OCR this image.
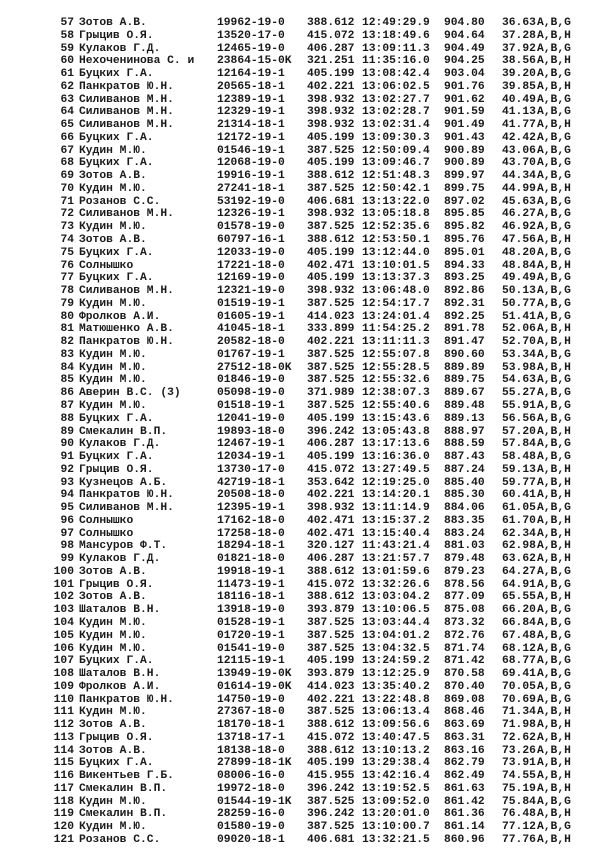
57 Зотов А.В.	19962-19-0 388.612 12:49:29.9 904.80 36.63 A,B,G
58 Грыцив О.Я.	13520-17-0 415.072 13:18:49.6 904.64 37.28 A,B,H
59 Кулаков Г.Д.	12465-19-0 406.287 13:09:11.3 904.49 37.92 A,B,G
60 Нехоченинова С. и 23864-15-0K 321.251 11:35:16.0 904.25 38.56 A,B,H
61 Буцких Г.А.	12164-19-1 405.199 13:08:42.4 903.04 39.20 A,B,G
62 Панкратов Ю.Н.	20565-18-1 402.221 13:06:02.5 901.76 39.85 A,B,H
63 Силиванов М.Н.	12389-19-1 398.932 13:02:27.7 901.62 40.49 A,B,G
64 Силиванов М.Н.	12329-19-1 398.932 13:02:28.7 901.59 41.13 A,B,G
65 Силиванов М.Н.	21314-18-1 398.932 13:02:31.4 901.49 41.77 A,B,H
66 Буцких Г.А.	12172-19-1 405.199 13:09:30.3 901.43 42.42 A,B,G
67 Кудин М.Ю.	01546-19-1 387.525 12:50:09.4 900.89 43.06 A,B,G
68 Буцких Г.А.	12068-19-0 405.199 13:09:46.7 900.89 43.70 A,B,G
69 Зотов А.В.	19916-19-1 388.612 12:51:48.3 899.97 44.34 A,B,G
70 Кудин М.Ю.	27241-18-1 387.525 12:50:42.1 899.75 44.99 A,B,H
71 Розанов С.С.	53192-19-0 406.681 13:13:22.0 897.02 45.63 A,B,G
72 Силиванов М.Н.	12326-19-1 398.932 13:05:18.8 895.85 46.27 A,B,G
73 Кудин М.Ю.	01578-19-0 387.525 12:52:35.6 895.82 46.92 A,B,G
74 Зотов А.В.	60797-16-1 388.612 12:53:50.1 895.76 47.56 A,B,H
75 Буцких Г.А.	12033-19-0 405.199 13:12:44.0 895.01 48.20 A,B,G
76 Солнышко	17221-18-0 402.471 13:10:01.5 894.33 48.84 A,B,H
77 Буцких Г.А.	12169-19-0 405.199 13:13:37.3 893.25 49.49 A,B,G
78 Силиванов М.Н.	12321-19-0 398.932 13:06:48.0 892.86 50.13 A,B,G
79 Кудин М.Ю.	01519-19-1 387.525 12:54:17.7 892.31 50.77 A,B,G
80 Фролков А.И.	01605-19-1 414.023 13:24:01.4 892.25 51.41 A,B,G
81 Матюшенко А.В.	41045-18-1 333.899 11:54:25.2 891.78 52.06 A,B,H
82 Панкратов Ю.Н.	20582-18-0 402.221 13:11:11.3 891.47 52.70 A,B,H
83 Кудин М.Ю.	01767-19-1 387.525 12:55:07.8 890.60 53.34 A,B,G
84 Кудин М.Ю.	27512-18-0K 387.525 12:55:28.5 889.89 53.98 A,B,H
85 Кудин М.Ю.	01846-19-0 387.525 12:55:32.6 889.75 54.63 A,B,G
86 Аверин В.С. (3)	05098-19-0 371.989 12:38:07.3 889.67 55.27 A,B,G
87 Кудин М.Ю.	01518-19-1 387.525 12:55:40.6 889.48 55.91 A,B,G
88 Буцких Г.А.	12041-19-0 405.199 13:15:43.6 889.13 56.56 A,B,G
89 Смекалин В.П.	19893-18-0 396.242 13:05:43.8 888.97 57.20 A,B,H
90 Кулаков Г.Д.	12467-19-1 406.287 13:17:13.6 888.59 57.84 A,B,G
91 Буцких Г.А.	12034-19-1 405.199 13:16:36.0 887.43 58.48 A,B,G
92 Грыцив О.Я.	13730-17-0 415.072 13:27:49.5 887.24 59.13 A,B,H
93 Кузнецов А.Б.	42719-18-1 353.642 12:19:25.0 885.40 59.77 A,B,H
94 Панкратов Ю.Н.	20508-18-0 402.221 13:14:20.1 885.30 60.41 A,B,H
95 Силиванов М.Н.	12395-19-1 398.932 13:11:14.9 884.06 61.05 A,B,G
96 Солнышко	17162-18-0 402.471 13:15:37.2 883.35 61.70 A,B,H
97 Солнышко	17258-18-0 402.471 13:15:40.4 883.24 62.34 A,B,H
98 Мансуров Ф.Т.	18294-18-1 320.127 11:43:21.4 881.03 62.98 A,B,H
99 Кулаков Г.Д.	01821-18-0 406.287 13:21:57.7 879.48 63.62 A,B,H
100 Зотов А.В.	19918-19-1 388.612 13:01:59.6 879.23 64.27 A,B,G
101 Грыцив О.Я.	11473-19-1 415.072 13:32:26.6 878.56 64.91 A,B,G
102 Зотов А.В.	18116-18-1 388.612 13:03:04.2 877.09 65.55 A,B,H
103 Шаталов В.Н.	13918-19-0 393.879 13:10:06.5 875.08 66.20 A,B,G
104 Кудин М.Ю.	01528-19-1 387.525 13:03:44.4 873.32 66.84 A,B,G
105 Кудин М.Ю.	01720-19-1 387.525 13:04:01.2 872.76 67.48 A,B,G
106 Кудин М.Ю.	01541-19-0 387.525 13:04:32.5 871.74 68.12 A,B,G
107 Буцких Г.А.	12115-19-1 405.199 13:24:59.2 871.42 68.77 A,B,G
108 Шаталов В.Н.	13949-19-0K 393.879 13:12:25.9 870.58 69.41 A,B,G
109 Фролков А.И.	01614-19-0K 414.023 13:35:40.2 870.40 70.05 A,B,G
110 Панкратов Ю.Н.	14750-19-0 402.221 13:22:48.8 869.08 70.69 A,B,G
111 Кудин М.Ю.	27367-18-0 387.525 13:06:13.4 868.46 71.34 A,B,H
112 Зотов А.В.	18170-18-1 388.612 13:09:56.6 863.69 71.98 A,B,H
113 Грыцив О.Я.	13718-17-1 415.072 13:40:47.5 863.31 72.62 A,B,H
114 Зотов А.В.	18138-18-0 388.612 13:10:13.2 863.16 73.26 A,B,H
115 Буцких Г.А.	27899-18-1K 405.199 13:29:38.4 862.79 73.91 A,B,H
116 Викентьев Г.Б.	08006-16-0 415.955 13:42:16.4 862.49 74.55 A,B,H
117 Смекалин В.П.	19972-18-0 396.242 13:19:52.5 861.63 75.19 A,B,H
118 Кудин М.Ю.	01544-19-1K 387.525 13:09:52.0 861.42 75.84 A,B,G
119 Смекалин В.П.	28259-16-0 396.242 13:20:01.0 861.36 76.48 A,B,H
120 Кудин М.Ю.	01580-19-0 387.525 13:10:00.7 861.14 77.12 A,B,G
121 Розанов С.С.	09020-18-1 406.681 13:32:21.5 860.96 77.76 A,B,H
